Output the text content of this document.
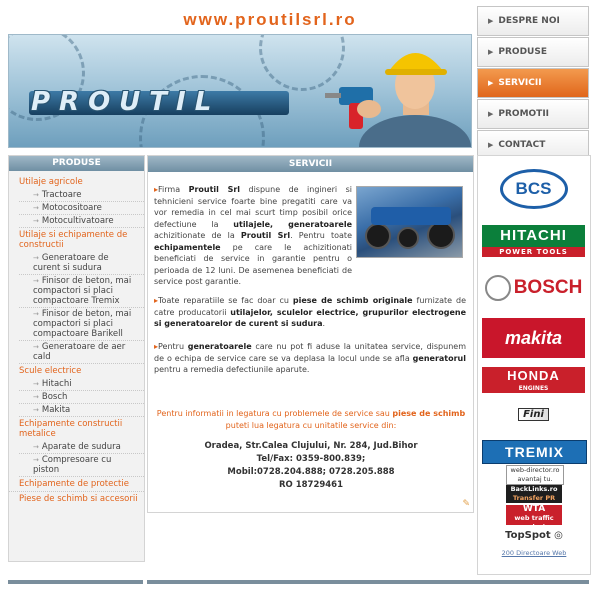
www.proutilsrl.ro
PROUTIL
▶ DESPRE NOI
▶ PRODUSE
▶ SERVICII
▶ PROMOTII
▶ CONTACT
PRODUSE
Utilaje agricole
→ Tractoare
→ Motocositoare
→ Motocultivatoare
Utilaje si echipamente de constructii
→ Generatoare de curent si sudura
→ Finisor de beton, mai compactori si placi compactoare Tremix
→ Finisor de beton, mai compactori si placi compactoare Barikell
→ Generatoare de aer cald
Scule electrice
→ Hitachi
→ Bosch
→ Makita
Echipamente constructii metalice
→ Aparate de sudura
→ Compresoare cu piston
Echipamente de protectie
Piese de schimb si accesorii
SERVICII
▸Firma Proutil Srl dispune de ingineri si tehnicieni service foarte bine pregatiti care va vor remedia in cel mai scurt timp posibil orice defectiune la utilajele, generatoarele achizitionate de la Proutil Srl. Pentru toate echipamentele pe care le achizitionati beneficiati de service in garantie pentru o perioada de 12 luni. De asemenea beneficiati de service post garantie.
▸Toate reparatiile se fac doar cu piese de schimb originale furnizate de catre producatorii utilajelor, sculelor electrice, grupurilor electrogene si generatoarelor de curent si sudura.
▸Pentru generatoarele care nu pot fi aduse la unitatea service, dispunem de o echipa de service care se va deplasa la locul unde se afla generatorul pentru a remedia defectiunile aparute.
Pentru informatii in legatura cu problemele de service sau piese de schimb
puteti lua legatura cu unitatile service din:
Oradea, Str.Calea Clujului, Nr. 284, Jud.Bihor
Tel/Fax: 0359-800.839;
Mobil:0728.204.888; 0728.205.888
RO 18729461
✎
BCS
HITACHI
POWER TOOLS
BOSCH
makita
HONDA
ENGINES
Fini
TREMIX
web-director.ro
avantaj tu.
BackLinks.ro
Transfer PR
WTA
web traffic analysis
TopSpot ◎
200 Directoare Web
